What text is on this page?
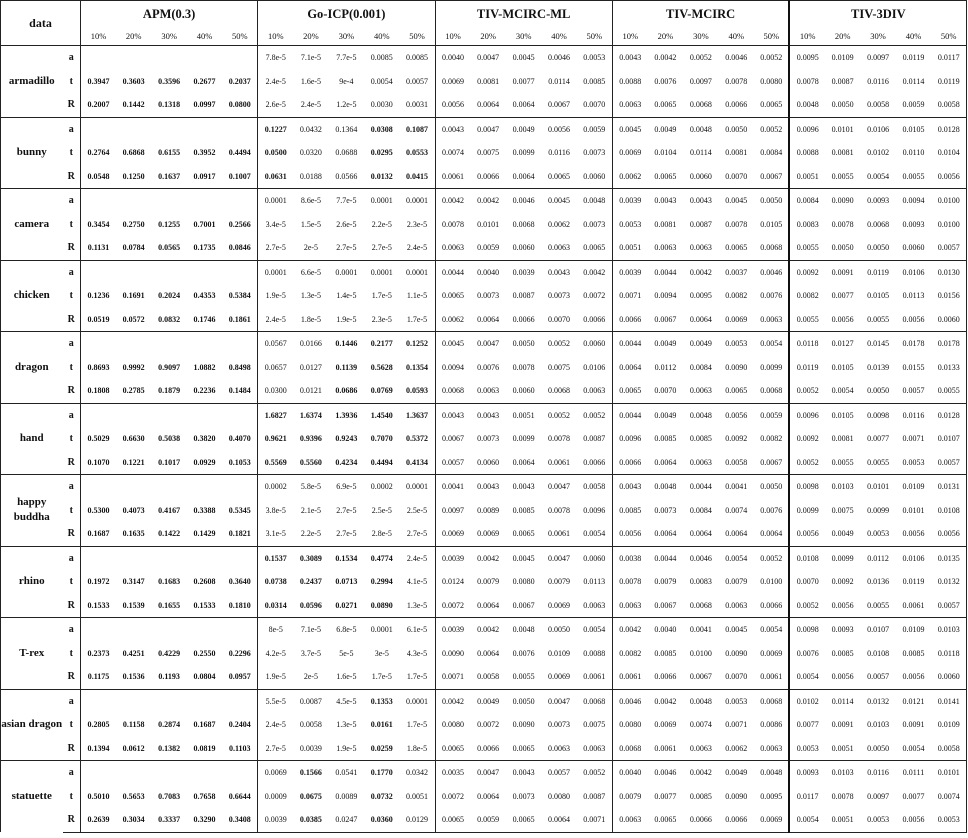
data		APM(0.3)					Go-ICP(0.001)					TIV-MCIRC-ML					TIV-MCIRC					TIV-3DIV				
		10%	20%	30%	40%	50%	10%	20%	30%	40%	50%	10%	20%	30%	40%	50%	10%	20%	30%	40%	50%	10%	20%	30%	40%	50%
armadillo	a						7.8e-5	7.1e-5	7.7e-5	0.0085	0.0085	0.0040	0.0047	0.0045	0.0046	0.0053	0.0043	0.0042	0.0052	0.0046	0.0052	0.0095	0.0109	0.0097	0.0119	0.0117
	t	0.3947	0.3603	0.3596	0.2677	0.2037	2.4e-5	1.6e-5	9e-4	0.0054	0.0057	0.0069	0.0081	0.0077	0.0114	0.0085	0.0088	0.0076	0.0097	0.0078	0.0080	0.0078	0.0087	0.0116	0.0114	0.0119
	R	0.2007	0.1442	0.1318	0.0997	0.0800	2.6e-5	2.4e-5	1.2e-5	0.0030	0.0031	0.0056	0.0064	0.0064	0.0067	0.0070	0.0063	0.0065	0.0068	0.0066	0.0065	0.0048	0.0050	0.0058	0.0059	0.0058
bunny	a						0.1227	0.0432	0.1364	0.0308	0.1087	0.0043	0.0047	0.0049	0.0056	0.0059	0.0045	0.0049	0.0048	0.0050	0.0052	0.0096	0.0101	0.0106	0.0105	0.0128
	t	0.2764	0.6868	0.6155	0.3952	0.4494	0.0500	0.0320	0.0688	0.0295	0.0553	0.0074	0.0075	0.0099	0.0116	0.0073	0.0069	0.0104	0.0114	0.0081	0.0084	0.0088	0.0081	0.0102	0.0110	0.0104
	R	0.0548	0.1250	0.1637	0.0917	0.1007	0.0631	0.0188	0.0566	0.0132	0.0415	0.0061	0.0066	0.0064	0.0065	0.0060	0.0062	0.0065	0.0060	0.0070	0.0067	0.0051	0.0055	0.0054	0.0055	0.0056
camera	a						0.0001	8.6e-5	7.7e-5	0.0001	0.0001	0.0042	0.0042	0.0046	0.0045	0.0048	0.0039	0.0043	0.0043	0.0045	0.0050	0.0084	0.0090	0.0093	0.0094	0.0100
	t	0.3454	0.2750	0.1255	0.7001	0.2566	3.4e-5	1.5e-5	2.6e-5	2.2e-5	2.3e-5	0.0078	0.0101	0.0068	0.0062	0.0073	0.0053	0.0081	0.0087	0.0078	0.0105	0.0083	0.0078	0.0068	0.0093	0.0100
	R	0.1131	0.0784	0.0565	0.1735	0.0846	2.7e-5	2e-5	2.7e-5	2.7e-5	2.4e-5	0.0063	0.0059	0.0060	0.0063	0.0065	0.0051	0.0063	0.0063	0.0065	0.0068	0.0055	0.0050	0.0050	0.0060	0.0057
chicken	a						0.0001	6.6e-5	0.0001	0.0001	0.0001	0.0044	0.0040	0.0039	0.0043	0.0042	0.0039	0.0044	0.0042	0.0037	0.0046	0.0092	0.0091	0.0119	0.0106	0.0130
	t	0.1236	0.1691	0.2024	0.4353	0.5384	1.9e-5	1.3e-5	1.4e-5	1.7e-5	1.1e-5	0.0065	0.0073	0.0087	0.0073	0.0072	0.0071	0.0094	0.0095	0.0082	0.0076	0.0082	0.0077	0.0105	0.0113	0.0156
	R	0.0519	0.0572	0.0832	0.1746	0.1861	2.4e-5	1.8e-5	1.9e-5	2.3e-5	1.7e-5	0.0062	0.0064	0.0066	0.0070	0.0066	0.0066	0.0067	0.0064	0.0069	0.0063	0.0055	0.0056	0.0055	0.0056	0.0060
dragon	a						0.0567	0.0166	0.1446	0.2177	0.1252	0.0045	0.0047	0.0050	0.0052	0.0060	0.0044	0.0049	0.0049	0.0053	0.0054	0.0118	0.0127	0.0145	0.0178	0.0178
	t	0.8693	0.9992	0.9097	1.0882	0.8498	0.0657	0.0127	0.1139	0.5628	0.1354	0.0094	0.0076	0.0078	0.0075	0.0106	0.0064	0.0112	0.0084	0.0090	0.0099	0.0119	0.0105	0.0139	0.0155	0.0133
	R	0.1808	0.2785	0.1879	0.2236	0.1484	0.0300	0.0121	0.0686	0.0769	0.0593	0.0068	0.0063	0.0060	0.0068	0.0063	0.0065	0.0070	0.0063	0.0065	0.0068	0.0052	0.0054	0.0050	0.0057	0.0055
hand	a						1.6827	1.6374	1.3936	1.4540	1.3637	0.0043	0.0043	0.0051	0.0052	0.0052	0.0044	0.0049	0.0048	0.0056	0.0059	0.0096	0.0105	0.0098	0.0116	0.0128
	t	0.5029	0.6630	0.5038	0.3820	0.4070	0.9621	0.9396	0.9243	0.7070	0.5372	0.0067	0.0073	0.0099	0.0078	0.0087	0.0096	0.0085	0.0085	0.0092	0.0082	0.0092	0.0081	0.0077	0.0071	0.0107
	R	0.1070	0.1221	0.1017	0.0929	0.1053	0.5569	0.5560	0.4234	0.4494	0.4134	0.0057	0.0060	0.0064	0.0061	0.0066	0.0066	0.0064	0.0063	0.0058	0.0067	0.0052	0.0055	0.0055	0.0053	0.0057
happy buddha	a						0.0002	5.8e-5	6.9e-5	0.0002	0.0001	0.0041	0.0043	0.0043	0.0047	0.0058	0.0043	0.0048	0.0044	0.0041	0.0050	0.0098	0.0103	0.0101	0.0109	0.0131
	t	0.5300	0.4073	0.4167	0.3388	0.5345	3.8e-5	2.1e-5	2.7e-5	2.5e-5	2.5e-5	0.0097	0.0089	0.0085	0.0078	0.0096	0.0085	0.0073	0.0084	0.0074	0.0076	0.0099	0.0075	0.0099	0.0101	0.0108
	R	0.1687	0.1635	0.1422	0.1429	0.1821	3.1e-5	2.2e-5	2.7e-5	2.8e-5	2.7e-5	0.0069	0.0069	0.0065	0.0061	0.0054	0.0056	0.0064	0.0064	0.0064	0.0064	0.0056	0.0049	0.0053	0.0056	0.0056
rhino	a						0.1537	0.3089	0.1534	0.4774	2.4e-5	0.0039	0.0042	0.0045	0.0047	0.0060	0.0038	0.0044	0.0046	0.0054	0.0052	0.0108	0.0099	0.0112	0.0106	0.0135
	t	0.1972	0.3147	0.1683	0.2608	0.3640	0.0738	0.2437	0.0713	0.2994	4.1e-5	0.0124	0.0079	0.0080	0.0079	0.0113	0.0078	0.0079	0.0083	0.0079	0.0100	0.0070	0.0092	0.0136	0.0119	0.0132
	R	0.1533	0.1539	0.1655	0.1533	0.1810	0.0314	0.0596	0.0271	0.0890	1.3e-5	0.0072	0.0064	0.0067	0.0069	0.0063	0.0063	0.0067	0.0068	0.0063	0.0066	0.0052	0.0056	0.0055	0.0061	0.0057
T-rex	a						8e-5	7.1e-5	6.8e-5	0.0001	6.1e-5	0.0039	0.0042	0.0048	0.0050	0.0054	0.0042	0.0040	0.0041	0.0045	0.0054	0.0098	0.0093	0.0107	0.0109	0.0103
	t	0.2373	0.4251	0.4229	0.2550	0.2296	4.2e-5	3.7e-5	5e-5	3e-5	4.3e-5	0.0090	0.0064	0.0076	0.0109	0.0088	0.0082	0.0085	0.0100	0.0090	0.0069	0.0076	0.0085	0.0108	0.0085	0.0118
	R	0.1175	0.1536	0.1193	0.0804	0.0957	1.9e-5	2e-5	1.6e-5	1.7e-5	1.7e-5	0.0071	0.0058	0.0055	0.0069	0.0061	0.0061	0.0066	0.0067	0.0070	0.0061	0.0054	0.0056	0.0057	0.0056	0.0060
asian dragon	a						5.5e-5	0.0087	4.5e-5	0.1353	0.0001	0.0042	0.0049	0.0050	0.0047	0.0068	0.0046	0.0042	0.0048	0.0053	0.0068	0.0102	0.0114	0.0132	0.0121	0.0141
	t	0.2805	0.1158	0.2874	0.1687	0.2404	2.4e-5	0.0058	1.3e-5	0.0161	1.7e-5	0.0080	0.0072	0.0090	0.0073	0.0075	0.0080	0.0069	0.0074	0.0071	0.0086	0.0077	0.0091	0.0103	0.0091	0.0109
	R	0.1394	0.0612	0.1382	0.0819	0.1103	2.7e-5	0.0039	1.9e-5	0.0259	1.8e-5	0.0065	0.0066	0.0065	0.0063	0.0063	0.0068	0.0061	0.0063	0.0062	0.0063	0.0053	0.0051	0.0050	0.0054	0.0058
statuette	a						0.0069	0.1566	0.0541	0.1770	0.0342	0.0035	0.0047	0.0043	0.0057	0.0052	0.0040	0.0046	0.0042	0.0049	0.0048	0.0093	0.0103	0.0116	0.0111	0.0101
	t	0.5010	0.5653	0.7083	0.7658	0.6644	0.0009	0.0675	0.0089	0.0732	0.0051	0.0072	0.0064	0.0073	0.0080	0.0087	0.0079	0.0077	0.0085	0.0090	0.0095	0.0117	0.0078	0.0097	0.0077	0.0074
	R	0.2639	0.3034	0.3337	0.3290	0.3408	0.0039	0.0385	0.0247	0.0360	0.0129	0.0065	0.0059	0.0065	0.0064	0.0071	0.0063	0.0065	0.0066	0.0066	0.0069	0.0054	0.0051	0.0053	0.0056	0.0053
